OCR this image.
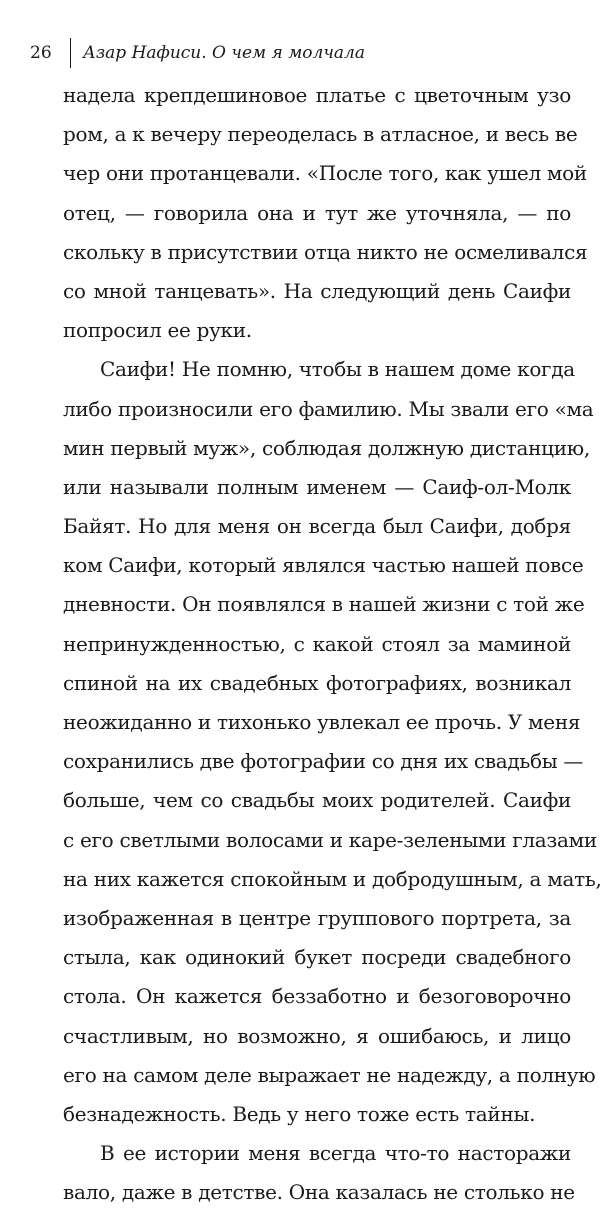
26	Азар Нафиси. О чем я молчала
надела крепдешиновое платье с цветочным узо
ром, а к вечеру переоделась в атласное, и весь ве
чер они протанцевали. «После того, как ушел мой
отец, — говорила она и тут же уточняла, — по
скольку в присутствии отца никто не осмеливался
со мной танцевать». На следующий день Саифи
попросил ее руки.
Саифи! Не помню, чтобы в нашем доме когда
либо произносили его фамилию. Мы звали его «ма
мин первый муж», соблюдая должную дистанцию,
или называли полным именем — Саиф-ол-Молк
Байят. Но для меня он всегда был Саифи, добря
ком Саифи, который являлся частью нашей повсе
дневности. Он появлялся в нашей жизни с той же
непринужденностью, с какой стоял за маминой
спиной на их свадебных фотографиях, возникал
неожиданно и тихонько увлекал ее прочь. У меня
сохранились две фотографии со дня их свадьбы —
больше, чем со свадьбы моих родителей. Саифи
с его светлыми волосами и каре-зелеными глазами
на них кажется спокойным и добродушным, а мать,
изображенная в центре группового портрета, за
стыла, как одинокий букет посреди свадебного
стола. Он кажется беззаботно и безоговорочно
счастливым, но возможно, я ошибаюсь, и лицо
его на самом деле выражает не надежду, а полную
безнадежность. Ведь у него тоже есть тайны.
В ее истории меня всегда что-то насторажи
вало, даже в детстве. Она казалась не столько не
